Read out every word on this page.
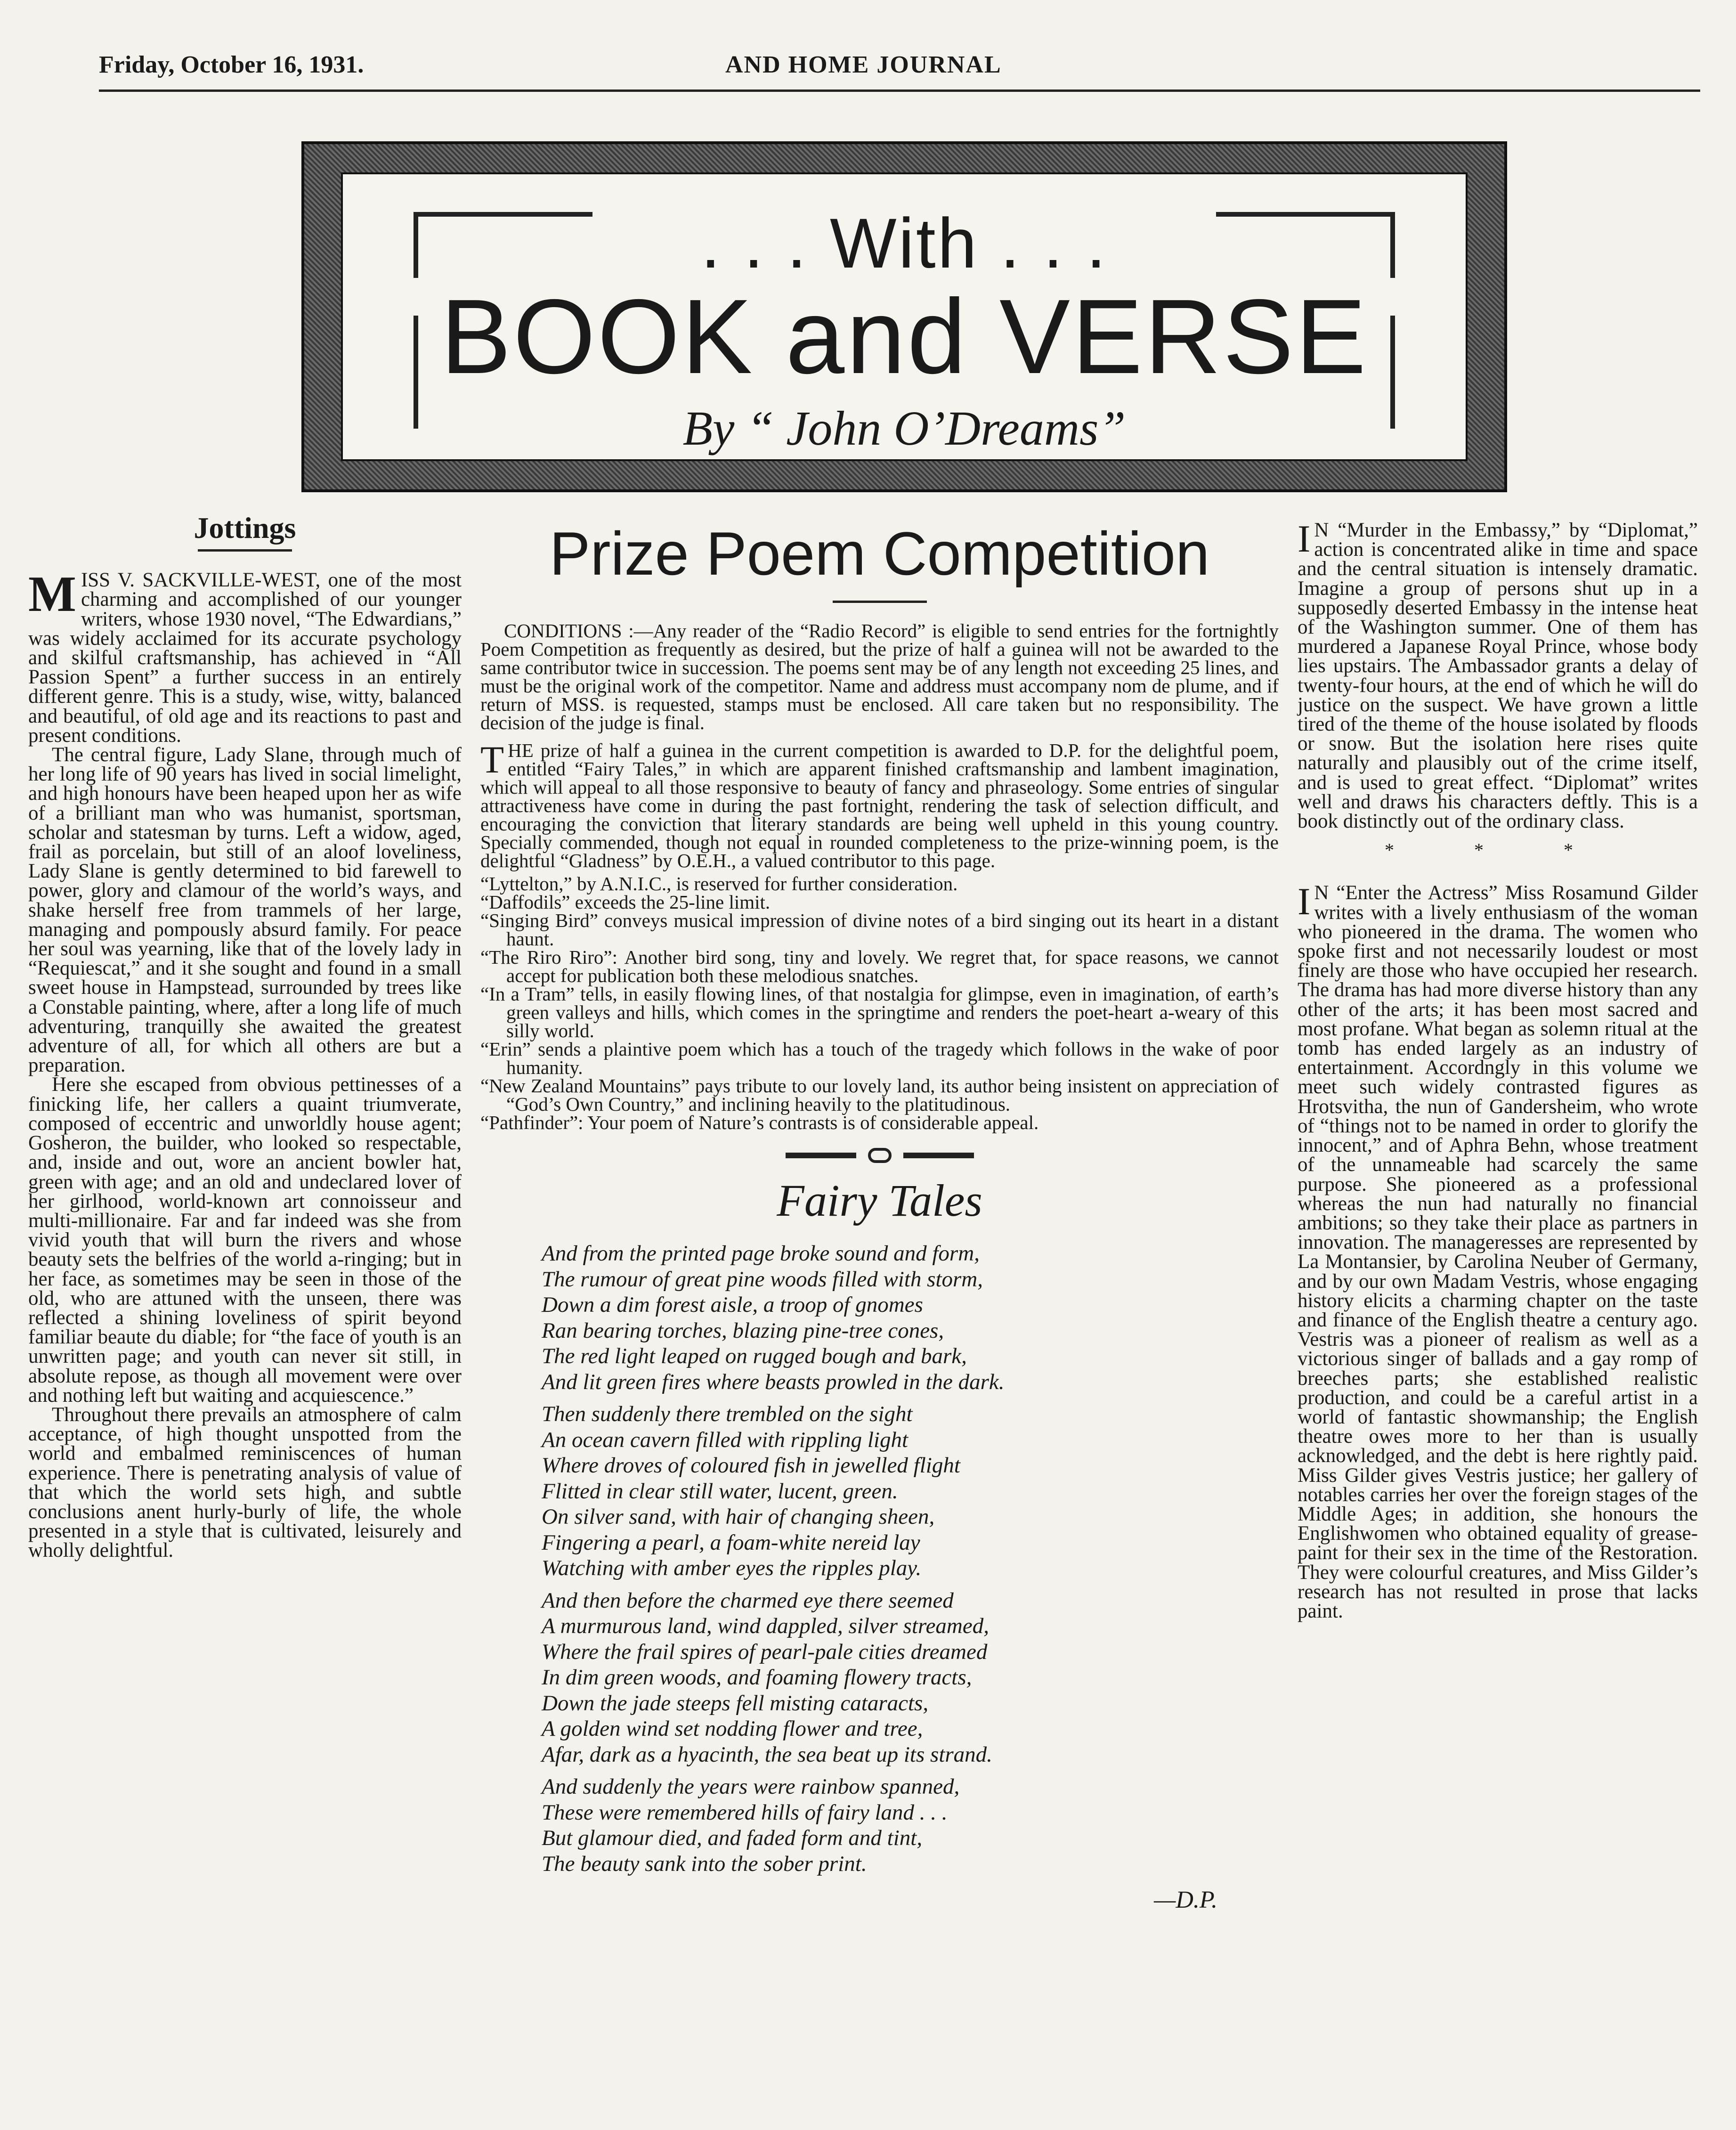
Friday, October 16, 1931.	AND HOME JOURNAL
. . . With . . .
BOOK and VERSE
By “ John O’Dreams”
Jottings

MISS V. SACKVILLE-WEST, one of the most charming and accomplished of our younger writers, whose 1930 novel, “The Edwardians,” was widely acclaimed for its accurate psychology and skilful craftsmanship, has achieved in “All Passion Spent” a further success in an entirely different genre. This is a study, wise, witty, balanced and beautiful, of old age and its reactions to past and present conditions.

The central figure, Lady Slane, through much of her long life of 90 years has lived in social limelight, and high honours have been heaped upon her as wife of a brilliant man who was humanist, sportsman, scholar and statesman by turns. Left a widow, aged, frail as porcelain, but still of an aloof loveliness, Lady Slane is gently determined to bid farewell to power, glory and clamour of the world’s ways, and shake herself free from trammels of her large, managing and pompously absurd family. For peace her soul was yearning, like that of the lovely lady in “Requiescat,” and it she sought and found in a small sweet house in Hampstead, surrounded by trees like a Constable painting, where, after a long life of much adventuring, tranquilly she awaited the greatest adventure of all, for which all others are but a preparation.

Here she escaped from obvious pettinesses of a finicking life, her callers a quaint triumverate, composed of eccentric and unworldly house agent; Gosheron, the builder, who looked so respectable, and, inside and out, wore an ancient bowler hat, green with age; and an old and undeclared lover of her girlhood, world-known art connoisseur and multi-millionaire. Far and far indeed was she from vivid youth that will burn the rivers and whose beauty sets the belfries of the world a-ringing; but in her face, as sometimes may be seen in those of the old, who are attuned with the unseen, there was reflected a shining loveliness of spirit beyond familiar beaute du diable; for “the face of youth is an unwritten page; and youth can never sit still, in absolute repose, as though all movement were over and nothing left but waiting and acquiescence.”

Throughout there prevails an atmosphere of calm acceptance, of high thought unspotted from the world and embalmed reminiscences of human experience. There is penetrating analysis of value of that which the world sets high, and subtle conclusions anent hurly-burly of life, the whole presented in a style that is cultivated, leisurely and wholly delightful.

Prize Poem Competition

CONDITIONS :—Any reader of the “Radio Record” is eligible to send entries for the fortnightly Poem Competition as frequently as desired, but the prize of half a guinea will not be awarded to the same contributor twice in succession. The poems sent may be of any length not exceeding 25 lines, and must be the original work of the competitor. Name and address must accompany nom de plume, and if return of MSS. is requested, stamps must be enclosed. All care taken but no responsibility. The decision of the judge is final.

THE prize of half a guinea in the current competition is awarded to D.P. for the delightful poem, entitled “Fairy Tales,” in which are apparent finished craftsmanship and lambent imagination, which will appeal to all those responsive to beauty of fancy and phraseology. Some entries of singular attractiveness have come in during the past fortnight, rendering the task of selection difficult, and encouraging the conviction that literary standards are being well upheld in this young country. Specially commended, though not equal in rounded completeness to the prize-winning poem, is the delightful “Gladness” by O.E.H., a valued contributor to this page.

“Lyttelton,” by A.N.I.C., is reserved for further consideration.

“Daffodils” exceeds the 25-line limit.

“Singing Bird” conveys musical impression of divine notes of a bird singing out its heart in a distant haunt.

“The Riro Riro”: Another bird song, tiny and lovely. We regret that, for space reasons, we cannot accept for publication both these melodious snatches.

“In a Tram” tells, in easily flowing lines, of that nostalgia for glimpse, even in imagination, of earth’s green valleys and hills, which comes in the springtime and renders the poet-heart a-weary of this silly world.

“Erin” sends a plaintive poem which has a touch of the tragedy which follows in the wake of poor humanity.

“New Zealand Mountains” pays tribute to our lovely land, its author being insistent on appreciation of “God’s Own Country,” and inclining heavily to the platitudinous.

“Pathfinder”: Your poem of Nature’s contrasts is of considerable appeal.

Fairy Tales
And from the printed page broke sound and form,
The rumour of great pine woods filled with storm,
Down a dim forest aisle, a troop of gnomes
Ran bearing torches, blazing pine-tree cones,
The red light leaped on rugged bough and bark,
And lit green fires where beasts prowled in the dark.
Then suddenly there trembled on the sight
An ocean cavern filled with rippling light
Where droves of coloured fish in jewelled flight
Flitted in clear still water, lucent, green.
On silver sand, with hair of changing sheen,
Fingering a pearl, a foam-white nereid lay
Watching with amber eyes the ripples play.
And then before the charmed eye there seemed
A murmurous land, wind dappled, silver streamed,
Where the frail spires of pearl-pale cities dreamed
In dim green woods, and foaming flowery tracts,
Down the jade steeps fell misting cataracts,
A golden wind set nodding flower and tree,
Afar, dark as a hyacinth, the sea beat up its strand.
And suddenly the years were rainbow spanned,
These were remembered hills of fairy land . . .
But glamour died, and faded form and tint,
The beauty sank into the sober print.
—D.P.

I N “Murder in the Embassy,” by “Diplomat,” action is concentrated alike in time and space and the central situation is intensely dramatic. Imagine a group of persons shut up in a supposedly deserted Embassy in the intense heat of the Washington summer. One of them has murdered a Japanese Royal Prince, whose body lies upstairs. The Ambassador grants a delay of twenty-four hours, at the end of which he will do justice on the suspect. We have grown a little tired of the theme of the house isolated by floods or snow. But the isolation here rises quite naturally and plausibly out of the crime itself, and is used to great effect. “Diplomat” writes well and draws his characters deftly. This is a book distinctly out of the ordinary class.

* * *

I N “Enter the Actress” Miss Rosamund Gilder writes with a lively enthusiasm of the woman who pioneered in the drama. The women who spoke first and not necessarily loudest or most finely are those who have occupied her research. The drama has had more diverse history than any other of the arts; it has been most sacred and most profane. What began as solemn ritual at the tomb has ended largely as an industry of entertainment. Accordngly in this volume we meet such widely contrasted figures as Hrotsvitha, the nun of Gandersheim, who wrote of “things not to be named in order to glorify the innocent,” and of Aphra Behn, whose treatment of the unnameable had scarcely the same purpose. She pioneered as a professional whereas the nun had naturally no financial ambitions; so they take their place as partners in innovation. The manageresses are represented by La Montansier, by Carolina Neuber of Germany, and by our own Madam Vestris, whose engaging history elicits a charming chapter on the taste and finance of the English theatre a century ago. Vestris was a pioneer of realism as well as a victorious singer of ballads and a gay romp of breeches parts; she established realistic production, and could be a careful artist in a world of fantastic showmanship; the English theatre owes more to her than is usually acknowledged, and the debt is here rightly paid. Miss Gilder gives Vestris justice; her gallery of notables carries her over the foreign stages of the Middle Ages; in addition, she honours the Englishwomen who obtained equality of grease-paint for their sex in the time of the Restoration. They were colourful creatures, and Miss Gilder’s research has not resulted in prose that lacks paint.
